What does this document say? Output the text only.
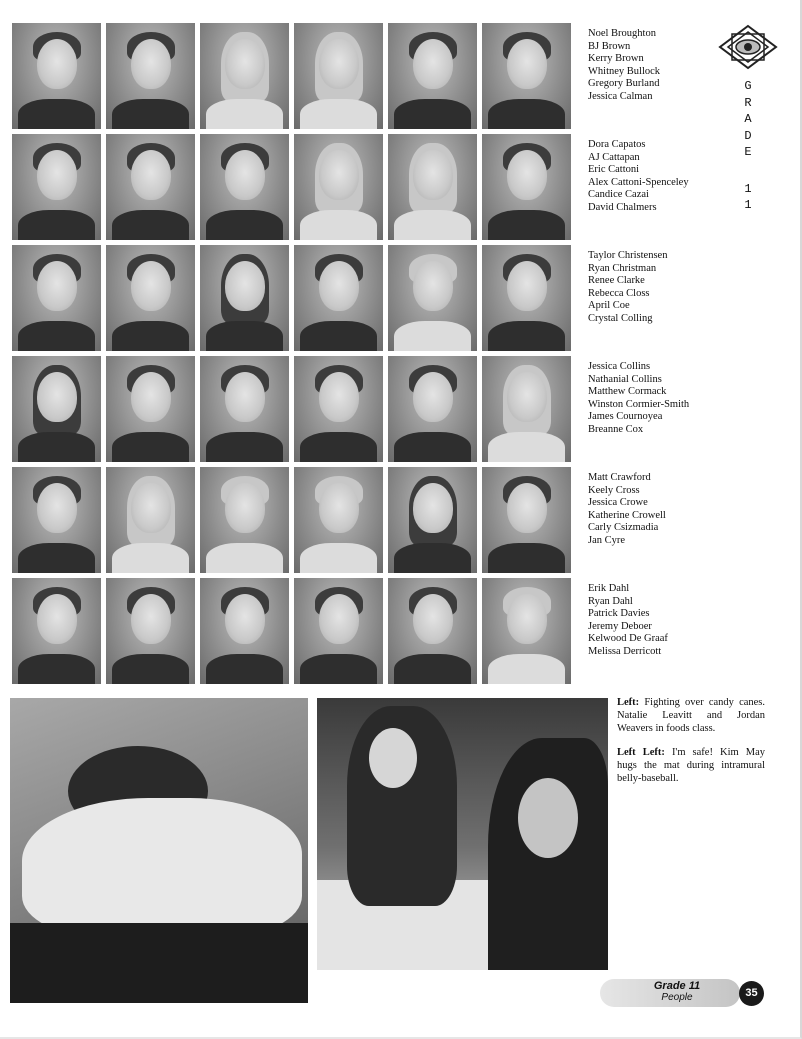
Noel Broughton
BJ Brown
Kerry Brown
Whitney Bullock
Gregory Burland
Jessica Calman
Dora Capatos
AJ Cattapan
Eric Cattoni
Alex Cattoni-Spenceley
Candice Cazai
David Chalmers
Taylor Christensen
Ryan Christman
Renee Clarke
Rebecca Closs
April Coe
Crystal Colling
Jessica Collins
Nathanial Collins
Matthew Cormack
Winston Cormier-Smith
James Cournoyea
Breanne Cox
Matt Crawford
Keely Cross
Jessica Crowe
Katherine Crowell
Carly Csizmadia
Jan Cyre
Erik Dahl
Ryan Dahl
Patrick Davies
Jeremy Deboer
Kelwood De Graaf
Melissa Derricott
G
R
A
D
E
1
1
Left: Fighting over candy canes. Natalie Leavitt and Jordan Weavers in foods class.
Left Left: I'm safe! Kim May hugs the mat during intramural belly-baseball.
Grade 11
People	35
